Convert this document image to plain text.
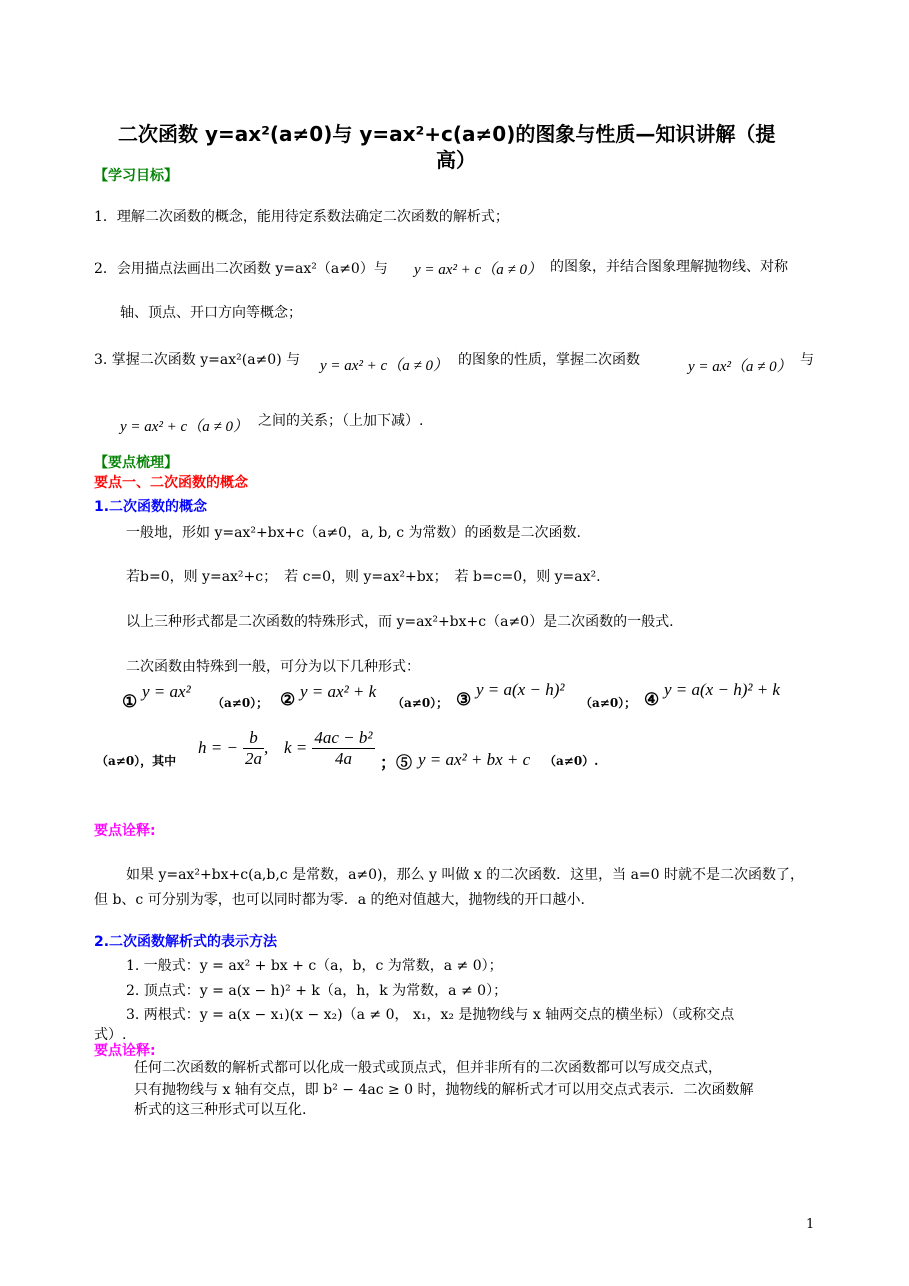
二次函数 y=ax²(a≠0)与 y=ax²+c(a≠0)的图象与性质—知识讲解（提
高）
【学习目标】
1．理解二次函数的概念，能用待定系数法确定二次函数的解析式；
2．会用描点法画出二次函数 y=ax²（a≠0）与 y = ax² + c（a ≠ 0） 的图象，并结合图象理解抛物线、对称
轴、顶点、开口方向等概念；
3. 掌握二次函数 y=ax²(a≠0) 与 y = ax² + c（a ≠ 0） 的图象的性质，掌握二次函数	y = ax²（a ≠ 0） 与
y = ax² + c（a ≠ 0） 之间的关系；（上加下减）.
【要点梳理】
要点一、二次函数的概念
1.二次函数的概念
一般地，形如 y=ax²+bx+c（a≠0，a, b, c 为常数）的函数是二次函数.
若b=0，则 y=ax²+c；　若 c=0，则 y=ax²+bx；　若 b=c=0，则 y=ax².
以上三种形式都是二次函数的特殊形式，而 y=ax²+bx+c（a≠0）是二次函数的一般式.
二次函数由特殊到一般，可分为以下几种形式：
①
y = ax²
（a≠0）； ② y = ax² + k
（a≠0）； ③
y = a(x − h)²
（a≠0）； ④
y = a(x − h)² + k
（a≠0），其中
h = − $\frac{b}{2a}$ , $k = \frac{\text{4ac − b²}}{4a}$ ；⑤ y = ax² + bx + c （a≠0）.
要点诠释:
如果 y=ax²+bx+c(a,b,c 是常数，a≠0)，那么 y 叫做 x 的二次函数．这里，当 a=0 时就不是二次函数了，
但 b、c 可分别为零，也可以同时都为零．a 的绝对值越大，抛物线的开口越小.
2.二次函数解析式的表示方法
1. 一般式：y = ax² + bx + c（a，b，c 为常数，a ≠ 0）；
2. 顶点式：y = a(x − h)² + k（a，h，k 为常数，a ≠ 0）；
3. 两根式：y = a(x − x₁)(x − x₂)（a ≠ 0， x₁，x₂ 是抛物线与 x 轴两交点的横坐标）（或称交点
式）.
要点诠释:
任何二次函数的解析式都可以化成一般式或顶点式，但并非所有的二次函数都可以写成交点式，
只有抛物线与 x 轴有交点，即 b² − 4ac ≥ 0 时，抛物线的解析式才可以用交点式表示．二次函数解
析式的这三种形式可以互化.
1
